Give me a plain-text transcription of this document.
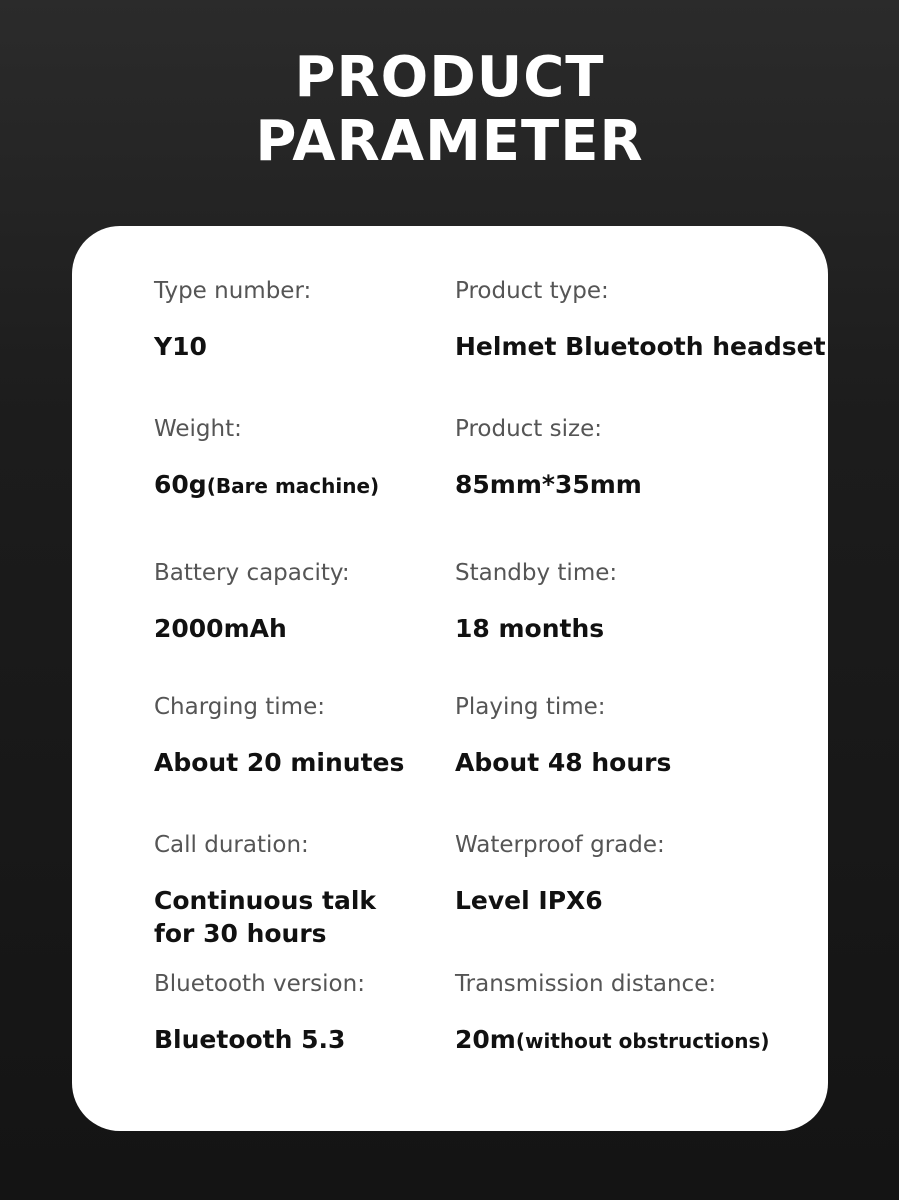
PRODUCT
PARAMETER
Type number:
Y10
Product type:
Helmet Bluetooth headset
Weight:
60g(Bare machine)
Product size:
85mm*35mm
Battery capacity:
2000mAh
Standby time:
18 months
Charging time:
About 20 minutes
Playing time:
About 48 hours
Call duration:
Continuous talk
for 30 hours
Waterproof grade:
Level IPX6
Bluetooth version:
Bluetooth 5.3
Transmission distance:
20m(without obstructions)
